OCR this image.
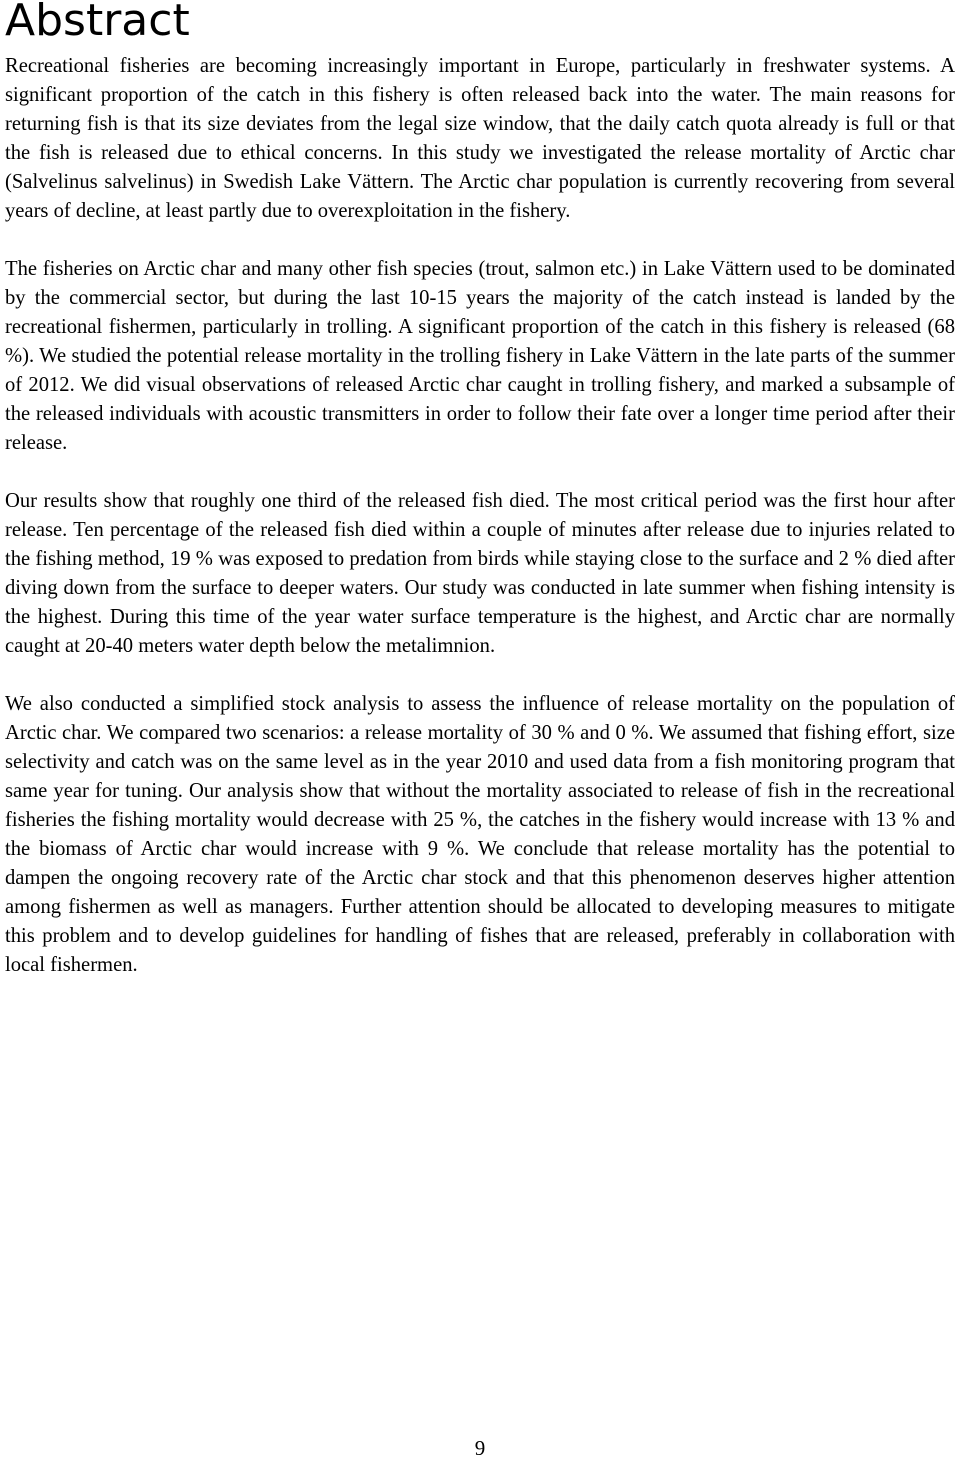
Abstract

Recreational fisheries are becoming increasingly important in Europe, particularly in freshwater systems. A significant proportion of the catch in this fishery is often released back into the water. The main reasons for returning fish is that its size deviates from the legal size window, that the daily catch quota already is full or that the fish is released due to ethical concerns. In this study we investigated the release mortality of Arctic char (Salvelinus salvelinus) in Swedish Lake Vättern. The Arctic char population is currently recovering from several years of decline, at least partly due to overexploitation in the fishery.

The fisheries on Arctic char and many other fish species (trout, salmon etc.) in Lake Vättern used to be dominated by the commercial sector, but during the last 10-15 years the majority of the catch instead is landed by the recreational fishermen, particularly in trolling. A significant proportion of the catch in this fishery is released (68 %). We studied the potential release mortality in the trolling fishery in Lake Vättern in the late parts of the summer of 2012. We did visual observations of released Arctic char caught in trolling fishery, and marked a subsample of the released individuals with acoustic transmitters in order to follow their fate over a longer time period after their release.

Our results show that roughly one third of the released fish died. The most critical period was the first hour after release. Ten percentage of the released fish died within a couple of minutes after release due to injuries related to the fishing method, 19 % was exposed to predation from birds while staying close to the surface and 2 % died after diving down from the surface to deeper waters. Our study was conducted in late summer when fishing intensity is the highest. During this time of the year water surface temperature is the highest, and Arctic char are normally caught at 20-40 meters water depth below the metalimnion.

We also conducted a simplified stock analysis to assess the influence of release mortality on the population of Arctic char. We compared two scenarios: a release mortality of 30 % and 0 %. We assumed that fishing effort, size selectivity and catch was on the same level as in the year 2010 and used data from a fish monitoring program that same year for tuning. Our analysis show that without the mortality associated to release of fish in the recreational fisheries the fishing mortality would decrease with 25 %, the catches in the fishery would increase with 13 % and the biomass of Arctic char would increase with 9 %. We conclude that release mortality has the potential to dampen the ongoing recovery rate of the Arctic char stock and that this phenomenon deserves higher attention among fishermen as well as managers. Further attention should be allocated to developing measures to mitigate this problem and to develop guidelines for handling of fishes that are released, preferably in collaboration with local fishermen.

9
